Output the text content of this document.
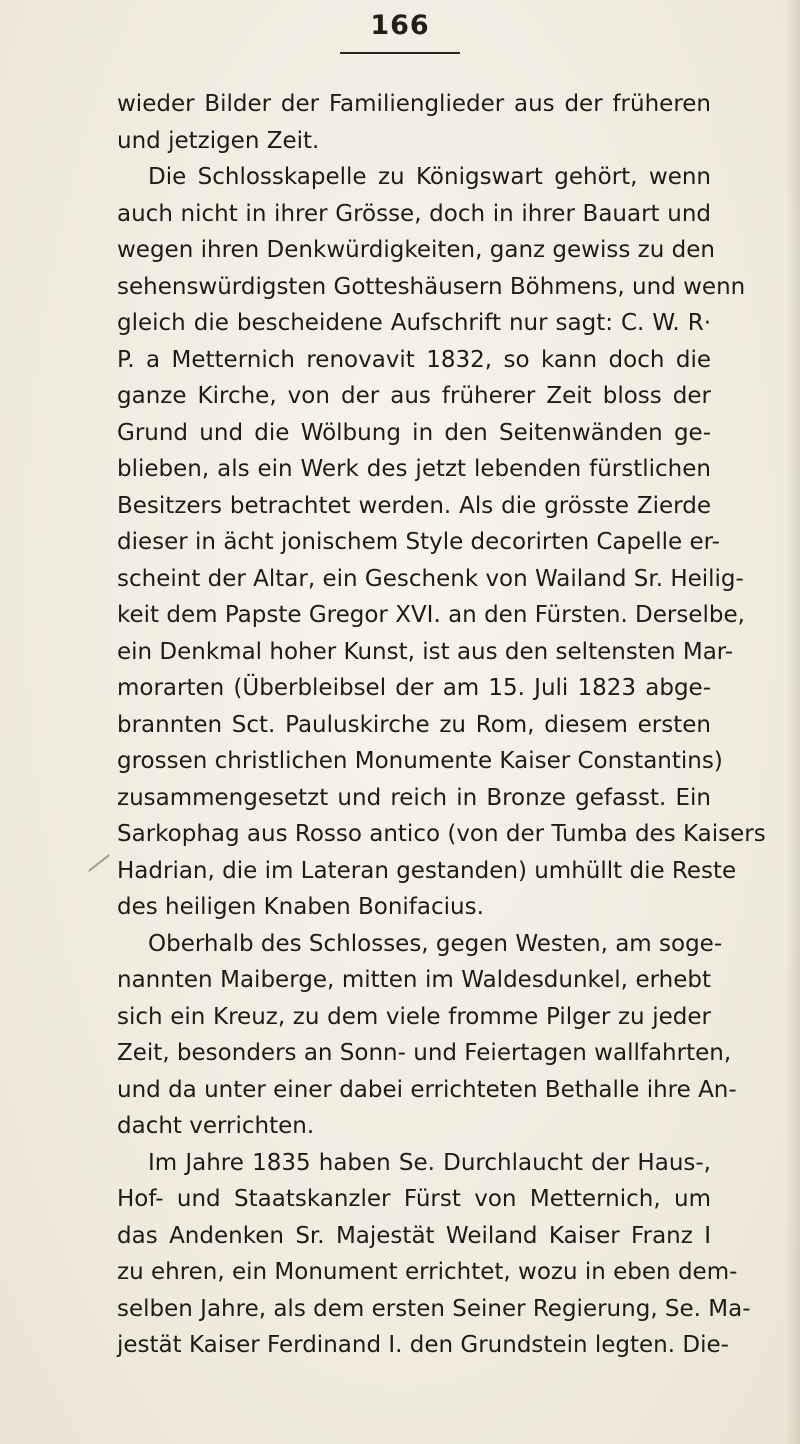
166
wieder Bilder der Familienglieder aus der früheren
und jetzigen Zeit.
Die Schlosskapelle zu Königswart gehört, wenn
auch nicht in ihrer Grösse, doch in ihrer Bauart und
wegen ihren Denkwürdigkeiten, ganz gewiss zu den
sehenswürdigsten Gotteshäusern Böhmens, und wenn
gleich die bescheidene Aufschrift nur sagt: C. W. R·
P. a Metternich renovavit 1832, so kann doch die
ganze Kirche, von der aus früherer Zeit bloss der
Grund und die Wölbung in den Seitenwänden ge-
blieben, als ein Werk des jetzt lebenden fürstlichen
Besitzers betrachtet werden. Als die grösste Zierde
dieser in ächt jonischem Style decorirten Capelle er-
scheint der Altar, ein Geschenk von Wailand Sr. Heilig-
keit dem Papste Gregor XVI. an den Fürsten. Derselbe,
ein Denkmal hoher Kunst, ist aus den seltensten Mar-
morarten (Überbleibsel der am 15. Juli 1823 abge-
brannten Sct. Pauluskirche zu Rom, diesem ersten
grossen christlichen Monumente Kaiser Constantins)
zusammengesetzt und reich in Bronze gefasst. Ein
Sarkophag aus Rosso antico (von der Tumba des Kaisers
Hadrian, die im Lateran gestanden) umhüllt die Reste
des heiligen Knaben Bonifacius.
Oberhalb des Schlosses, gegen Westen, am soge-
nannten Maiberge, mitten im Waldesdunkel, erhebt
sich ein Kreuz, zu dem viele fromme Pilger zu jeder
Zeit, besonders an Sonn- und Feiertagen wallfahrten,
und da unter einer dabei errichteten Bethalle ihre An-
dacht verrichten.
Im Jahre 1835 haben Se. Durchlaucht der Haus-,
Hof- und Staatskanzler Fürst von Metternich, um
das Andenken Sr. Majestät Weiland Kaiser Franz I
zu ehren, ein Monument errichtet, wozu in eben dem-
selben Jahre, als dem ersten Seiner Regierung, Se. Ma-
jestät Kaiser Ferdinand I. den Grundstein legten. Die-
